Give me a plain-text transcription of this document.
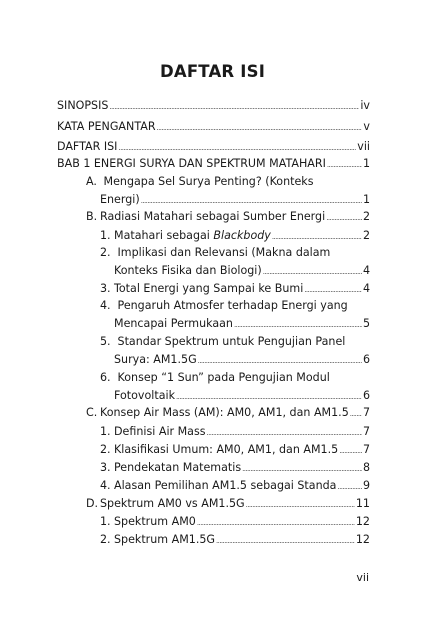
DAFTAR ISI
SINOPSIS .....	iv
KATA PENGANTAR .....	v
DAFTAR ISI .....	vii
BAB 1 ENERGI SURYA DAN SPEKTRUM MATAHARI .....	1
A. Mengapa Sel Surya Penting? (Konteks
Energi) .....	1
B. Radiasi Matahari sebagai Sumber Energi .....	2
1. Matahari sebagai Blackbody .....	2
2. Implikasi dan Relevansi (Makna dalam
Konteks Fisika dan Biologi) .....	4
3. Total Energi yang Sampai ke Bumi .....	4
4. Pengaruh Atmosfer terhadap Energi yang
Mencapai Permukaan .....	5
5. Standar Spektrum untuk Pengujian Panel
Surya: AM1.5G .....	6
6. Konsep “1 Sun” pada Pengujian Modul
Fotovoltaik .....	6
C. Konsep Air Mass (AM): AM0, AM1, dan AM1.5 ..... 7
1. Definisi Air Mass .....	7
2. Klasifikasi Umum: AM0, AM1, dan AM1.5 ..... 7
3. Pendekatan Matematis .....	8
4. Alasan Pemilihan AM1.5 sebagai Standa ..... 9
D. Spektrum AM0 vs AM1.5G .....	11
1. Spektrum AM0 .....	12
2. Spektrum AM1.5G .....	12
vii
